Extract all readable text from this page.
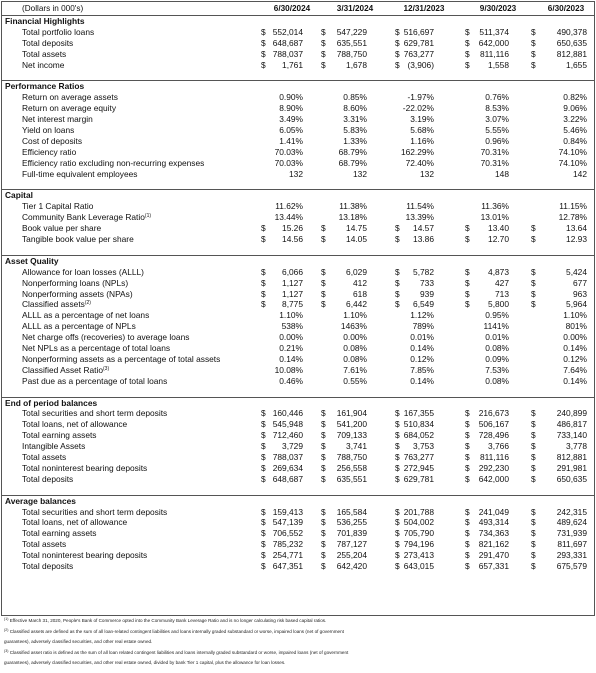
(Dollars in 000's)	6/30/2024	3/31/2024	12/31/2023	9/30/2023	6/30/2023
Financial Highlights
Total portfolio loans	$ 552,014 $	547,229	$ 516,697	$	511,374	$	490,378
Total deposits	$ 648,687 $	635,551	$ 629,781	$	642,000	$	650,635
Total assets	$ 788,037 $	788,750	$ 763,277	$	811,116	$	812,881
Net income	$	1,761 $	1,678	$ (3,906)	$	1,558	$	1,655
Performance Ratios
Return on average assets	0.90%	0.85%	-1.97%	0.76%	0.82%
Return on average equity	8.90%	8.60%	-22.02%	8.53%	9.06%
Net interest margin	3.49%	3.31%	3.19%	3.07%	3.22%
Yield on loans	6.05%	5.83%	5.68%	5.55%	5.46%
Cost of deposits	1.41%	1.33%	1.16%	0.96%	0.84%
Efficiency ratio	70.03%	68.79%	162.29%	70.31%	74.10%
Efficiency ratio excluding non-recurring expenses	70.03%	68.79%	72.40%	70.31%	74.10%
Full-time equivalent employees	132	132	132	148	142
Capital
Tier 1 Capital Ratio	11.62%	11.38%	11.54%	11.36%	11.15%
Community Bank Leverage Ratio$^{(1)}$	13.44%	13.18%	13.39%	13.01%	12.78%
Book value per share	$	15.26 $	14.75	$	14.57	$	13.40	$	13.64
Tangible book value per share	$	14.56 $	14.05	$	13.86	$	12.70	$	12.93
Asset Quality
Allowance for loan losses (ALLL)	$	6,066 $	6,029	$	5,782	$	4,873	$	5,424
Nonperforming loans (NPLs)	$	1,127 $	412	$	733	$	427	$	677
Nonperforming assets (NPAs)	$	1,127 $	618	$	939	$	713	$	963
Classified assets$^{(2)}$	$	8,775 $	6,442	$	6,549	$	5,800	$	5,964
ALLL as a percentage of net loans	1.10%	1.10%	1.12%	0.95%	1.10%
ALLL as a percentage of NPLs	538%	1463%	789%	1141%	801%
Net charge offs (recoveries) to average loans	0.00%	0.00%	0.01%	0.01%	0.00%
Net NPLs as a percentage of total loans	0.21%	0.08%	0.14%	0.08%	0.14%
Nonperforming assets as a percentage of total assets	0.14%	0.08%	0.12%	0.09%	0.12%
Classified Asset Ratio$^{(3)}$	10.08%	7.61%	7.85%	7.53%	7.64%
Past due as a percentage of total loans	0.46%	0.55%	0.14%	0.08%	0.14%
End of period balances
Total securities and short term deposits	$ 160,446 $	161,904	$ 167,355	$	216,673	$	240,899
Total loans, net of allowance	$ 545,948 $	541,200	$ 510,834	$	506,167	$	486,817
Total earning assets	$ 712,460 $	709,133	$ 684,052	$	728,496	$	733,140
Intangible Assets	$	3,729 $	3,741	$	3,753	$	3,766	$	3,778
Total assets	$ 788,037 $	788,750	$ 763,277	$	811,116	$	812,881
Total noninterest bearing deposits	$ 269,634 $	256,558	$ 272,945	$	292,230	$	291,981
Total deposits	$ 648,687 $	635,551	$ 629,781	$	642,000	$	650,635
Average balances
Total securities and short term deposits	$ 159,413 $	165,584	$ 201,788	$	241,049	$	242,315
Total loans, net of allowance	$ 547,139 $	536,255	$ 504,002	$	493,314	$	489,624
Total earning assets	$ 706,552 $	701,839	$ 705,790	$	734,363	$	731,939
Total assets	$ 785,232 $	787,127	$ 794,196	$	821,162	$	811,697
Total noninterest bearing deposits	$ 254,771 $	255,204	$ 273,413	$	291,470	$	293,331
Total deposits	$ 647,351 $	642,420	$ 643,015	$	657,331	$	675,579
$^{(1)}$ Effective March 31, 2020, People's Bank of Commerce opted into the Community Bank Leverage Ratio and is no longer calculating risk based capital ratios.
$^{(2)}$ Classified assets are defined as the sum of all loan-related contingent liabilities and loans internally graded substandard or worse, impaired loans (net of government
guarantees), adversely classified securities, and other real estate owned.
$^{(3)}$ Classified asset ratio is defined as the sum of all loan related contingent liabilities and loans internally graded substandard or worse, impaired loans (net of government
guarantees), adversely classified securities, and other real estate owned, divided by bank Tier 1 capital, plus the allowance for loan losses.
